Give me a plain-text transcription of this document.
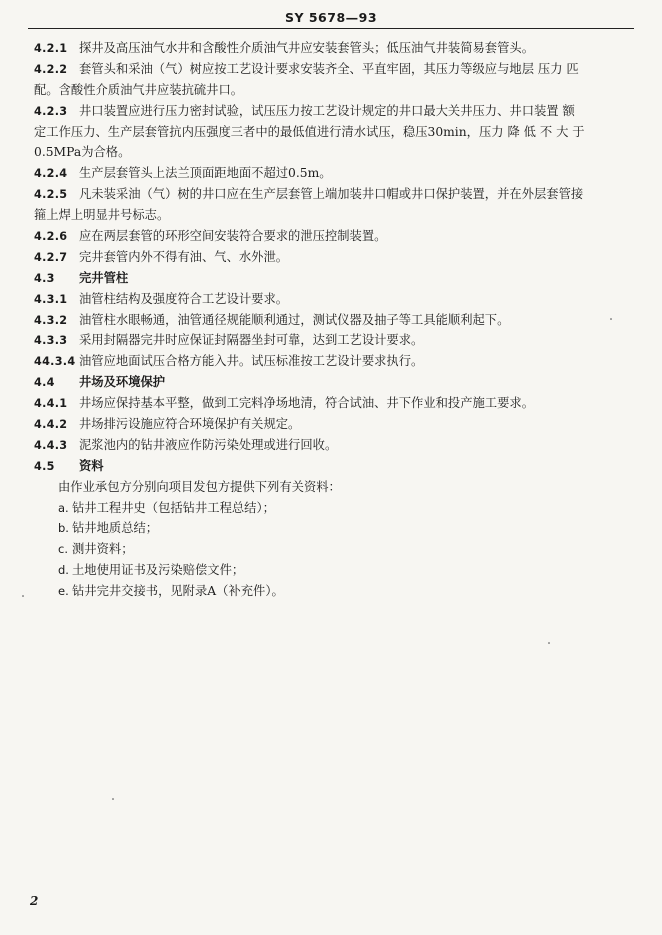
SY 5678—93
4.2.1 探井及高压油气水井和含酸性介质油气井应安装套管头；低压油气井装简易套管头。
4.2.2 套管头和采油（气）树应按工艺设计要求安装齐全、平直牢固，其压力等级应与地层 压力 匹
配。含酸性介质油气井应装抗硫井口。
4.2.3 井口装置应进行压力密封试验，试压压力按工艺设计规定的井口最大关井压力、井口装置 额
定工作压力、生产层套管抗内压强度三者中的最低值进行清水试压，稳压30min，压力 降 低 不 大 于
0.5MPa为合格。
4.2.4 生产层套管头上法兰顶面距地面不超过0.5m。
4.2.5 凡未装采油（气）树的井口应在生产层套管上端加装井口帽或井口保护装置，并在外层套管接
箍上焊上明显井号标志。
4.2.6 应在两层套管的环形空间安装符合要求的泄压控制装置。
4.2.7 完井套管内外不得有油、气、水外泄。
4.3 完井管柱
4.3.1 油管柱结构及强度符合工艺设计要求。
4.3.2 油管柱水眼畅通，油管通径规能顺利通过，测试仪器及抽子等工具能顺利起下。
4.3.3 采用封隔器完井时应保证封隔器坐封可靠，达到工艺设计要求。
44.3.4 油管应地面试压合格方能入井。试压标准按工艺设计要求执行。
4.4 井场及环境保护
4.4.1 井场应保持基本平整，做到工完料净场地清，符合试油、井下作业和投产施工要求。
4.4.2 井场排污设施应符合环境保护有关规定。
4.4.3 泥浆池内的钻井液应作防污染处理或进行回收。
4.5 资料
由作业承包方分别向项目发包方提供下列有关资料：
a. 钻井工程井史（包括钻井工程总结）；
b. 钻井地质总结；
c. 测井资料；
d. 土地使用证书及污染赔偿文件；
e. 钻井完井交接书，见附录A（补充件）。
2
